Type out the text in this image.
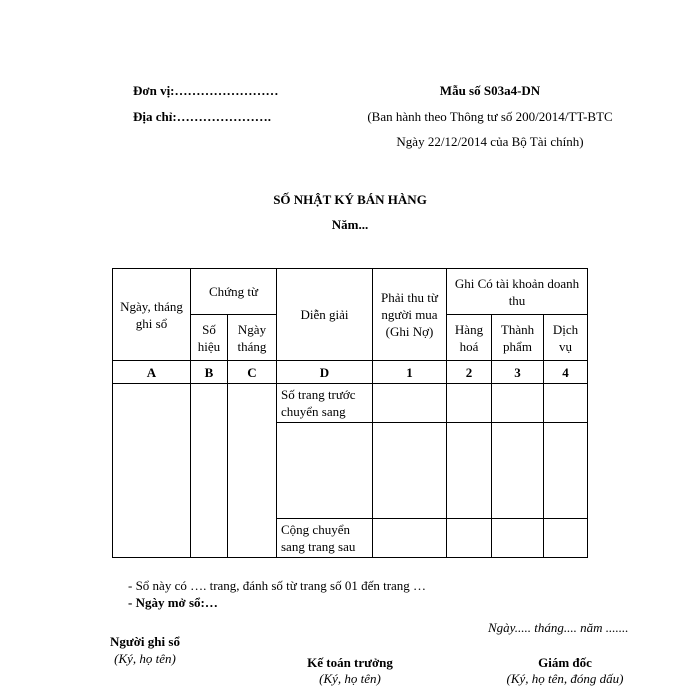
Đơn vị:……………………
Địa chỉ:………………….
Mẫu số S03a4-DN
(Ban hành theo Thông tư số 200/2014/TT-BTC
Ngày 22/12/2014 của Bộ Tài chính)
SỐ NHẬT KÝ BÁN HÀNG
Năm...
Ngày, tháng ghi sổ	Chứng từ		Diễn giải	Phải thu từ người mua (Ghi Nợ)	Ghi Có tài khoản doanh thu		
	Số hiệu	Ngày tháng			Hàng hoá	Thành phẩm	Dịch vụ
A	B	C	D	1	2	3	4
			Số trang trước chuyển sang				

			Cộng chuyển sang trang sau				
- Sổ này có …. trang, đánh số từ trang số 01 đến trang …
- Ngày mở sổ:…
Ngày..... tháng.... năm .......
Người ghi sổ
(Ký, họ tên)	Kế toán trưởng
(Ký, họ tên)
Giám đốc
(Ký, họ tên, đóng dấu)
